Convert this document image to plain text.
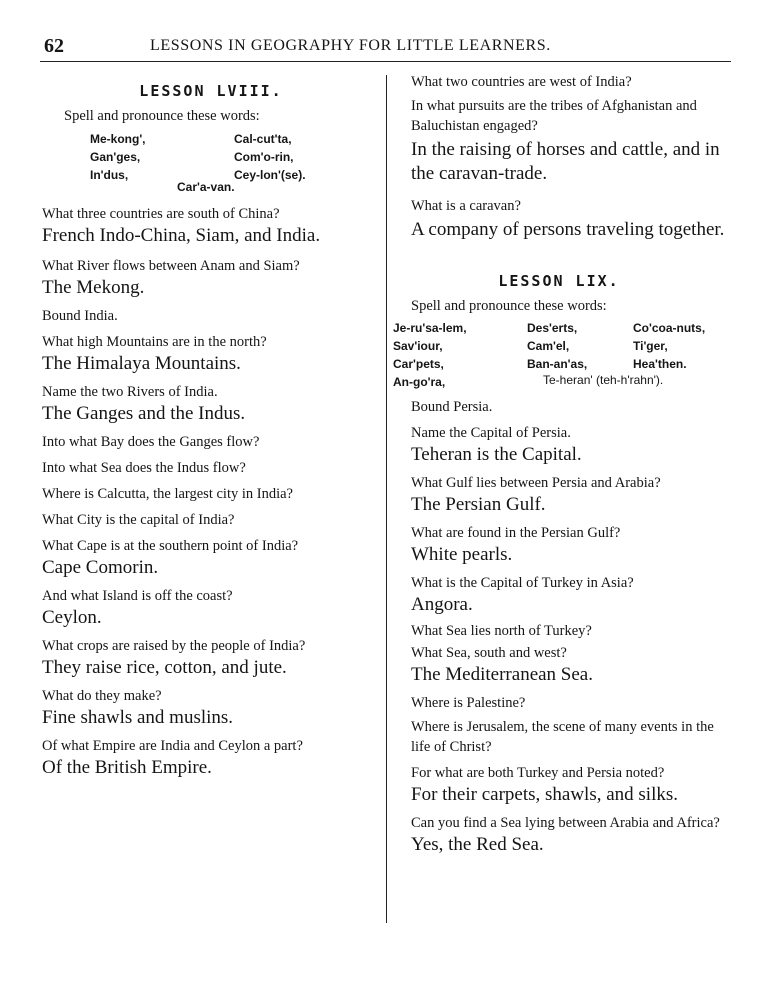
62	LESSONS IN GEOGRAPHY FOR LITTLE LEARNERS.
LESSON LVIII.
Spell and pronounce these words:
Me-kong',	Cal-cut'ta,
Gan'ges,	Com'o-rin,
In'dus,	Cey-lon'(se).
Car'a-van.
What three countries are south of China?
French Indo-China, Siam, and India.
What River flows between Anam and Siam?
The Mekong.
Bound India.
What high Mountains are in the north?
The Himalaya Mountains.
Name the two Rivers of India.
The Ganges and the Indus.
Into what Bay does the Ganges flow?
Into what Sea does the Indus flow?
Where is Calcutta, the largest city in India?
What City is the capital of India?
What Cape is at the southern point of India?
Cape Comorin.
And what Island is off the coast?
Ceylon.
What crops are raised by the people of India?
They raise rice, cotton, and jute.
What do they make?
Fine shawls and muslins.
Of what Empire are India and Ceylon a part?
Of the British Empire.
What two countries are west of India?
In what pursuits are the tribes of Afghanistan and Baluchistan engaged?
In the raising of horses and cattle, and in the caravan-trade.
What is a caravan?
A company of persons traveling together.
LESSON LIX.
Spell and pronounce these words:
Je-ru'sa-lem,	Des'erts,	Co'coa-nuts,
Sav'iour,	Cam'el,	Ti'ger,
Car'pets,	Ban-an'as,	Hea'then.
An-go'ra,	Te-heran' (teh-h'rahn').
Bound Persia.
Name the Capital of Persia.
Teheran is the Capital.
What Gulf lies between Persia and Arabia?
The Persian Gulf.
What are found in the Persian Gulf?
White pearls.
What is the Capital of Turkey in Asia?
Angora.
What Sea lies north of Turkey?
What Sea, south and west?
The Mediterranean Sea.
Where is Palestine?
Where is Jerusalem, the scene of many events in the life of Christ?
For what are both Turkey and Persia noted?
For their carpets, shawls, and silks.
Can you find a Sea lying between Arabia and Africa?
Yes, the Red Sea.
